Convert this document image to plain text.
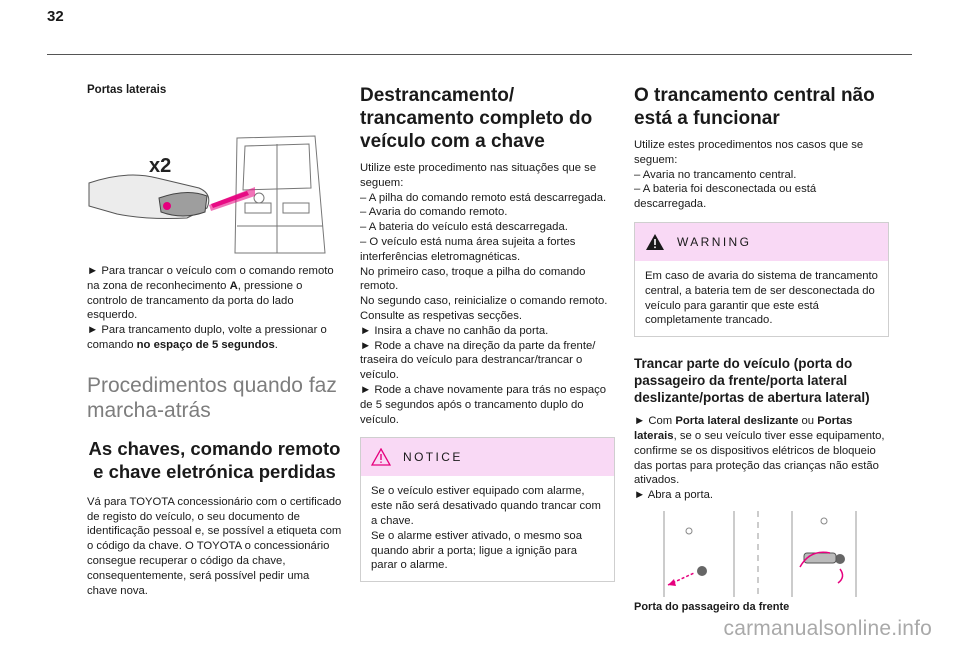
32
Portas laterais
x2

► Para trancar o veículo com o comando remoto na zona de reconhecimento A, pressione o controlo de trancamento da porta do lado esquerdo.

► Para trancamento duplo, volte a pressionar o comando no espaço de 5 segundos.

Procedimentos quando faz marcha-atrás
As chaves, comando remoto e chave eletrónica perdidas

Vá para TOYOTA concessionário com o certificado de registo do veículo, o seu documento de identificação pessoal e, se possível a etiqueta com o código da chave. O TOYOTA o concessionário consegue recuperar o código da chave, consequentemente, será possível pedir uma chave nova.

Destrancamento/ trancamento completo do veículo com a chave

Utilize este procedimento nas situações que se seguem:

– A pilha do comando remoto está descarregada.

– Avaria do comando remoto.

– A bateria do veículo está descarregada.

– O veículo está numa área sujeita a fortes interferências eletromagnéticas.

No primeiro caso, troque a pilha do comando remoto.

No segundo caso, reinicialize o comando remoto.

Consulte as respetivas secções.

► Insira a chave no canhão da porta.

► Rode a chave na direção da parte da frente/ traseira do veículo para destrancar/trancar o veículo.

► Rode a chave novamente para trás no espaço de 5 segundos após o trancamento duplo do veículo.

NOTICE

Se o veículo estiver equipado com alarme, este não será desativado quando trancar com a chave.

Se o alarme estiver ativado, o mesmo soa quando abrir a porta; ligue a ignição para parar o alarme.

O trancamento central não está a funcionar

Utilize estes procedimentos nos casos que se seguem:

– Avaria no trancamento central.

– A bateria foi desconectada ou está descarregada.

WARNING

Em caso de avaria do sistema de trancamento central, a bateria tem de ser desconectada do veículo para garantir que este está completamente trancado.

Trancar parte do veículo (porta do passageiro da frente/porta lateral deslizante/portas de abertura lateral)

► Com Porta lateral deslizante ou Portas laterais, se o seu veículo tiver esse equipamento, confirme se os dispositivos elétricos de bloqueio das portas para proteção das crianças não estão ativados.

► Abra a porta.

Porta do passageiro da frente
carmanualsonline.info
